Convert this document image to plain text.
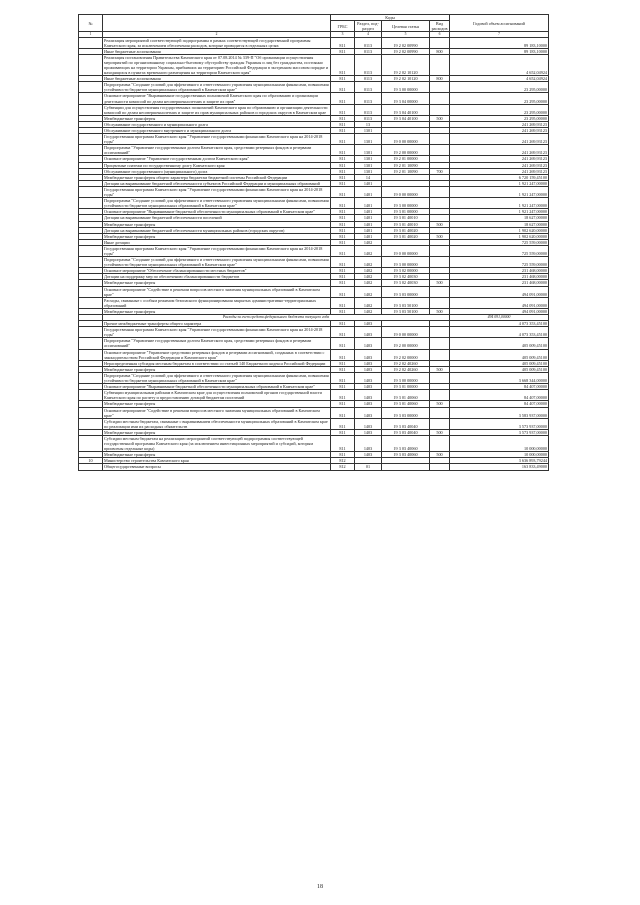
№		Коды				Годовой объем ассигнований
		ГРБС	Раздел, под-раздел	Целевая статья	Вид расходов	
1	2	3	4	5	6	7
	Реализация мероприятий соответствующей подпрограммы в рамках соответствующей государственной программы Камчатского края, за исключением обеспечения расходов, которые приводятся в отдельных целях	811	0113	19 2 02 00990		89 183,10000
	Иные бюджетные ассигнования	811	0113	19 2 02 00990	800	89 183,10000
	Реализация постановления Правительства Камчатского края от 07.08.2014 № 339-П "Об организации осуществления мероприятий по организованному социально-бытовому обустройству граждан Украины и лиц без гражданства, постоянно проживающих на территории Украины, прибывших на территорию Российской Федерации в экстренном массовом порядке и находящихся в пунктах временного размещения на территории Камчатского края"	811	0113	19 2 02 10120		4 652,04924
	Иные бюджетные ассигнования	811	0113	19 2 02 10120	800	4 652,04924
	Подпрограмма "Создание условий для эффективного и ответственного управления муниципальными финансами, повышения устойчивости бюджетов муниципальных образований в Камчатском крае"	811	0113	19 3 00 00000		23 295,00000
	Основное мероприятие "Выравнивание государственных полномочий Камчатского края по образованию и организации деятельности комиссий по делам несовершеннолетних и защите их прав"	811	0113	19 3 04 00000		23 295,00000
	Субвенции для осуществления государственных полномочий Камчатского края по образованию и организации деятельности комиссий по делам несовершеннолетних и защите их прав муниципальных районов и городских округов в Камчатском крае	811	0113	19 3 04 40100		23 295,00000
	Межбюджетные трансферты	811	0113	19 3 04 40100	500	23 295,00000
	Обслуживание государственного и муниципального долга	811	13			241 269,93123
	Обслуживание государственного внутреннего и муниципального долга	811	1301			241 269,93123
	Государственная программа Камчатского края "Управление государственными финансами Камчатского края на 2014-2018 годы"	811	1301	19 0 00 00000		241 269,93123
	Подпрограмма "Управление государственным долгом Камчатского края, средствами резервных фондов и резервами ассигнований"	811	1301	19 2 00 00000		241 269,93123
	Основное мероприятие "Управление государственным долгом Камчатского края"	811	1301	19 2 01 00000		241 269,93123
	Процентные платежи по государственному долгу Камчатского края	811	1301	19 2 01 10090		241 269,93123
	Обслуживание государственного (муниципального) долга	811	1301	19 2 01 10090	700	241 269,93123
	Межбюджетные трансферты общего характера бюджетам бюджетной системы Российской Федерации	811	14			6 720 159,45100
	Дотации на выравнивание бюджетной обеспеченности субъектов Российской Федерации и муниципальных образований	811	1401			1 921 247,00000
	Государственная программа Камчатского края "Управление государственными финансами Камчатского края на 2014-2018 годы"	811	1401	19 0 00 00000		1 921 247,00000
	Подпрограмма "Создание условий для эффективного и ответственного управления муниципальными финансами, повышения устойчивости бюджетов муниципальных образований в Камчатском крае"	811	1401	19 3 00 00000		1 921 247,00000
	Основное мероприятие "Выравнивание бюджетной обеспеченности муниципальных образований в Камчатском крае"	811	1401	19 3 01 00000		1 921 247,00000
	Дотации на выравнивание бюджетной обеспеченности поселений	811	1401	19 3 01 40010		18 627,00000
	Межбюджетные трансферты	811	1401	19 3 01 40010	500	18 627,00000
	Дотации на выравнивание бюджетной обеспеченности муниципальных районов (городских округов)	811	1401	19 3 01 40020		1 902 620,00000
	Межбюджетные трансферты	811	1401	19 3 01 40020	500	1 902 620,00000
	Иные дотации	811	1402			725 559,00000
	Государственная программа Камчатского края "Управление государственными финансами Камчатского края на 2014-2018 годы"	811	1402	19 0 00 00000		725 559,00000
	Подпрограмма "Создание условий для эффективного и ответственного управления муниципальными финансами, повышения устойчивости бюджетов муниципальных образований в Камчатском крае"	811	1402	19 3 00 00000		725 559,00000
	Основное мероприятие "Обеспечение сбалансированности местных бюджетов"	811	1402	19 3 02 00000		231 468,00000
	Дотации на поддержку мер по обеспечению сбалансированности бюджетов	811	1402	19 3 02 40030		231 468,00000
	Межбюджетные трансферты	811	1402	19 3 02 40030	500	231 468,00000
	Основное мероприятие "Содействие в решении вопросов местного значения муниципальных образований в Камчатском крае"	811	1402	19 3 03 00000		494 091,00000
	Расходы, связанные с особым режимом безопасного функционирования закрытых административно-территориальных образований	811	1402	19 3 03 50100		494 091,00000
	Межбюджетные трансферты	811	1402	19 3 03 50100	500	494 091,00000
	Расходы за счет средств федерального бюджета текущего года					494 091,00000
	Прочие межбюджетные трансферты общего характера	811	1403			4 073 353,45100
	Государственная программа Камчатского края "Управление государственными финансами Камчатского края на 2014-2018 годы"	811	1403	19 0 00 00000		4 073 353,45100
	Подпрограмма "Управление государственным долгом Камчатского края, средствами резервных фондов и резервами ассигнований"	811	1403	19 2 00 00000		405 009,45100
	Основное мероприятие "Управление средствами резервных фондов и резервами ассигнований, созданных в соответствии с законодательством Российской Федерации и Камчатского края"	811	1403	19 2 02 00000		405 009,45100
	Нераспределенная субсидия местным бюджетам в соответствии со статьей 140 Бюджетного кодекса Российской Федерации	811	1403	19 2 02 40260		405 009,45100
	Межбюджетные трансферты	811	1403	19 2 02 40260	500	405 009,45100
	Подпрограмма "Создание условий для эффективного и ответственного управления муниципальными финансами, повышения устойчивости бюджетов муниципальных образований в Камчатском крае"	811	1403	19 3 00 00000		3 668 344,00000
	Основное мероприятие "Выравнивание бюджетной обеспеченности муниципальных образований в Камчатском крае"	811	1403	19 3 01 00000		84 407,00000
	Субвенции муниципальным районам в Камчатском крае для осуществления полномочий органов государственной власти Камчатского края по расчету и предоставлению дотаций бюджетам поселений	811	1403	19 3 01 40060		84 407,00000
	Межбюджетные трансферты	811	1403	19 3 01 40060	500	84 407,00000
	Основное мероприятие "Содействие в решении вопросов местного значения муниципальных образований в Камчатском крае"	811	1403	19 3 03 00000		3 583 937,00000
	Субсидии местным бюджетам, связанные с выравниванием обеспеченности муниципальных образований в Камчатском крае по реализации ими их расходных обязательств	811	1403	19 3 03 40040		3 573 937,00000
	Межбюджетные трансферты	811	1403	19 3 03 40040	500	3 573 937,00000
	Субсидии местным бюджетам на реализацию мероприятий соответствующей подпрограммы соответствующей государственной программы Камчатского края (за исключением инвестиционных мероприятий и субсидий, которым присвоены отдельные коды)	811	1403	19 3 03 40060		10 000,00000
	Межбюджетные трансферты	811	1403	19 3 03 40060	500	10 000,00000
10	Министерство строительства Камчатского края	812				3 636 893,79244
	Общегосударственные вопросы	812	01			163 833,49000
18
